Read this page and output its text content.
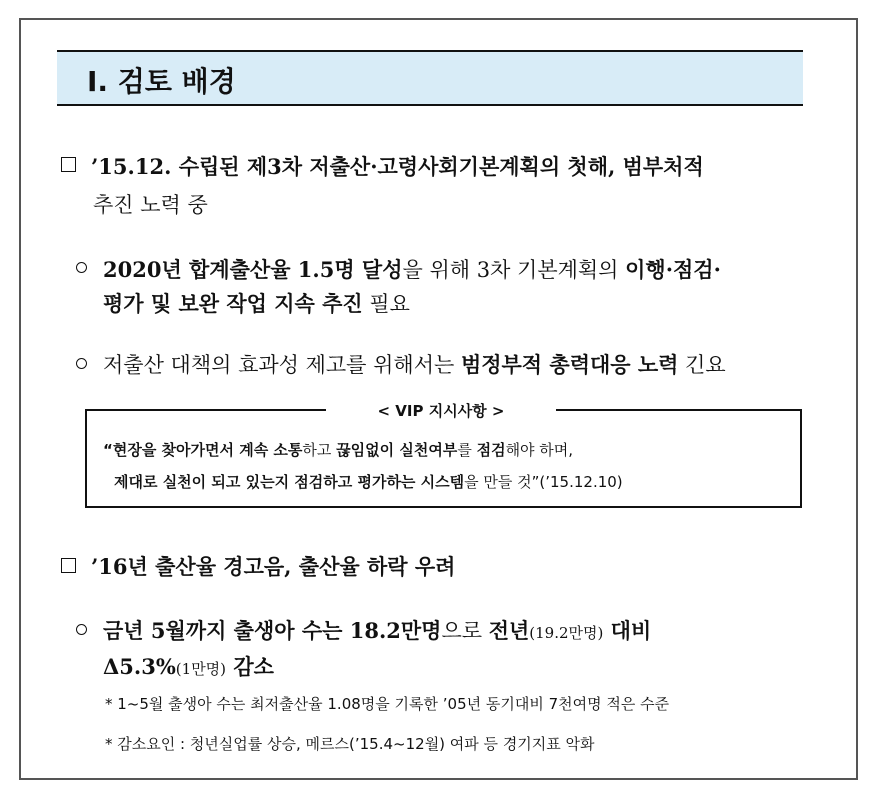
Ⅰ. 검토 배경
’15.12. 수립된 제3차 저출산·고령사회기본계획의 첫해, 범부처적
추진 노력 중
2020년 합계출산율 1.5명 달성을 위해 3차 기본계획의 이행·점검·
평가 및 보완 작업 지속 추진 필요
저출산 대책의 효과성 제고를 위해서는 범정부적 총력대응 노력 긴요
< VIP 지시사항 >
“현장을 찾아가면서 계속 소통하고 끊임없이 실천여부를 점검해야 하며,
제대로 실천이 되고 있는지 점검하고 평가하는 시스템을 만들 것”(’15.12.10)
’16년 출산율 경고음, 출산율 하락 우려
금년 5월까지 출생아 수는 18.2만명으로 전년(19.2만명) 대비
Δ5.3%(1만명) 감소
* 1~5월 출생아 수는 최저출산율 1.08명을 기록한 ’05년 동기대비 7천여명 적은 수준
* 감소요인 : 청년실업률 상승, 메르스(’15.4~12월) 여파 등 경기지표 악화
